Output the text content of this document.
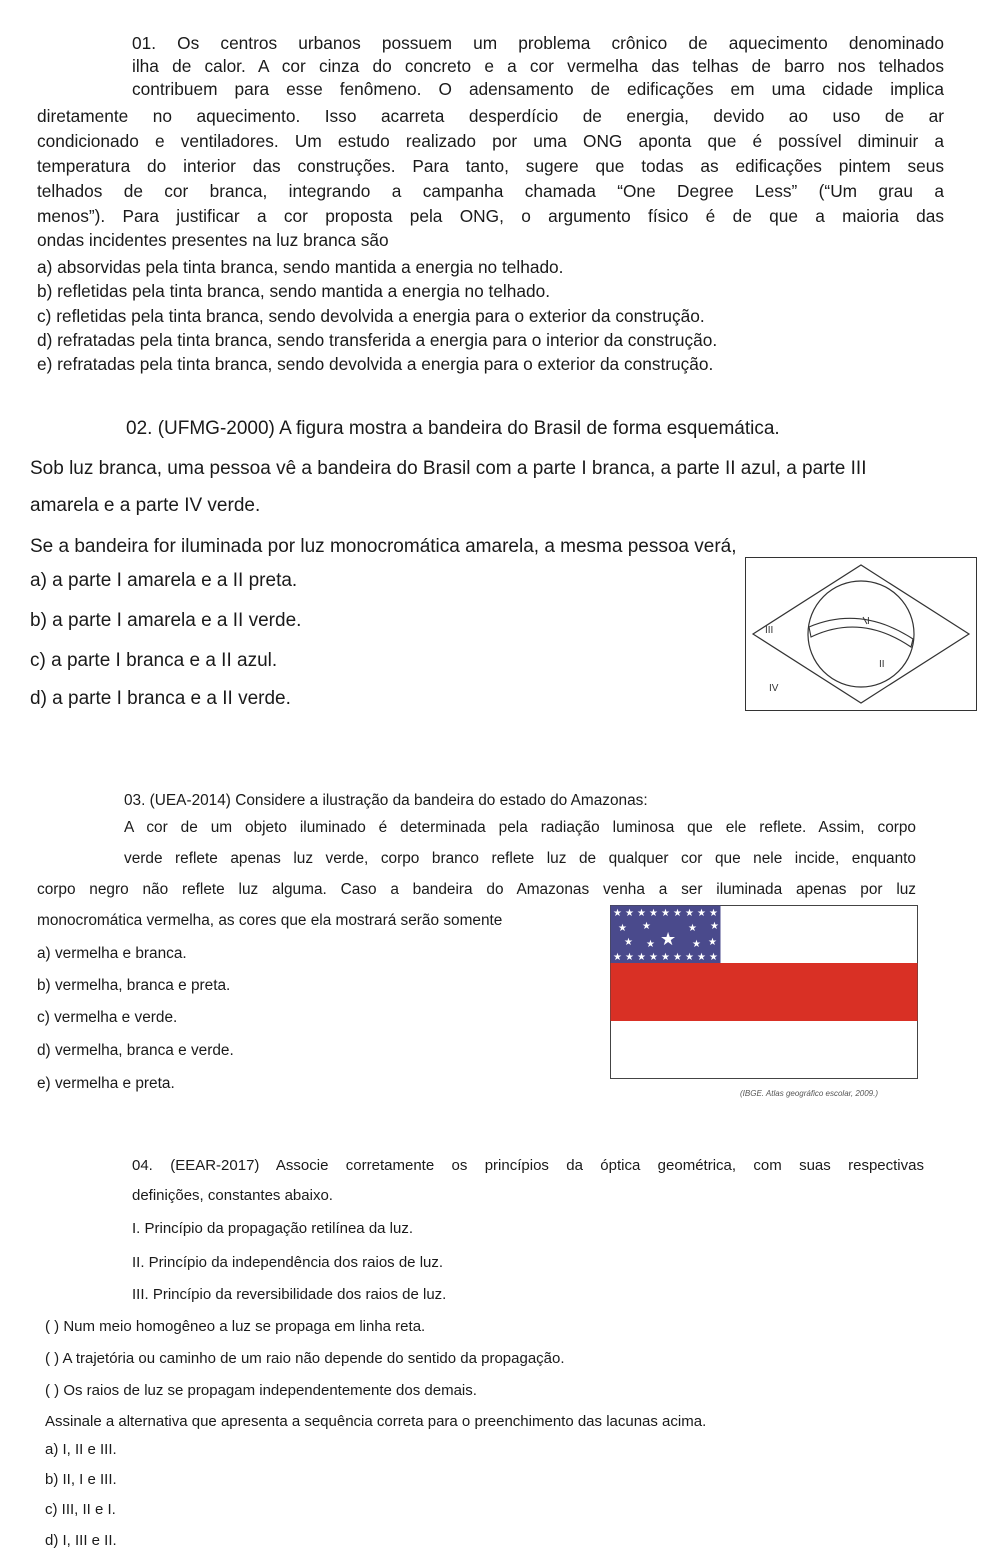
01. Os centros urbanos possuem um problema crônico de aquecimento denominado
ilha de calor. A cor cinza do concreto e a cor vermelha das telhas de barro nos telhados
contribuem para esse fenômeno. O adensamento de edificações em uma cidade implica
diretamente no aquecimento. Isso acarreta desperdício de energia, devido ao uso de ar
condicionado e ventiladores. Um estudo realizado por uma ONG aponta que é possível diminuir a
temperatura do interior das construções. Para tanto, sugere que todas as edificações pintem seus
telhados de cor branca, integrando a campanha chamada “One Degree Less” (“Um grau a
menos”). Para justificar a cor proposta pela ONG, o argumento físico é de que a maioria das
ondas incidentes presentes na luz branca são
a) absorvidas pela tinta branca, sendo mantida a energia no telhado.
b) refletidas pela tinta branca, sendo mantida a energia no telhado.
c) refletidas pela tinta branca, sendo devolvida a energia para o exterior da construção.
d) refratadas pela tinta branca, sendo transferida a energia para o interior da construção.
e) refratadas pela tinta branca, sendo devolvida a energia para o exterior da construção.
02. (UFMG-2000) A figura mostra a bandeira do Brasil de forma esquemática.
Sob luz branca, uma pessoa vê a bandeira do Brasil com a parte I branca, a parte II azul, a parte III
amarela e a parte IV verde.
Se a bandeira for iluminada por luz monocromática amarela, a mesma pessoa verá,
a) a parte I amarela e a II preta.
b) a parte I amarela e a II verde.
c) a parte I branca e a II azul.
d) a parte I branca e a II verde.
III
I
II
IV
03. (UEA-2014) Considere a ilustração da bandeira do estado do Amazonas:
A cor de um objeto iluminado é determinada pela radiação luminosa que ele reflete. Assim, corpo
verde reflete apenas luz verde, corpo branco reflete luz de qualquer cor que nele incide, enquanto
corpo negro não reflete luz alguma. Caso a bandeira do Amazonas venha a ser iluminada apenas por luz
monocromática vermelha, as cores que ela mostrará serão somente
a) vermelha e branca.
b) vermelha, branca e preta.
c) vermelha e verde.
d) vermelha, branca e verde.
e) vermelha e preta.
★ ★ ★ ★ ★ ★ ★ ★ ★
★ ★ ★ ★ ★ ★ ★ ★ ★
★ ★	★ ★
★ ★	★ ★
★
(IBGE. Atlas geográfico escolar, 2009.)
04. (EEAR-2017) Associe corretamente os princípios da óptica geométrica, com suas respectivas
definições, constantes abaixo.
I. Princípio da propagação retilínea da luz.
II. Princípio da independência dos raios de luz.
III. Princípio da reversibilidade dos raios de luz.
( ) Num meio homogêneo a luz se propaga em linha reta.
( ) A trajetória ou caminho de um raio não depende do sentido da propagação.
( ) Os raios de luz se propagam independentemente dos demais.
Assinale a alternativa que apresenta a sequência correta para o preenchimento das lacunas acima.
a) I, II e III.
b) II, I e III.
c) III, II e I.
d) I, III e II.
